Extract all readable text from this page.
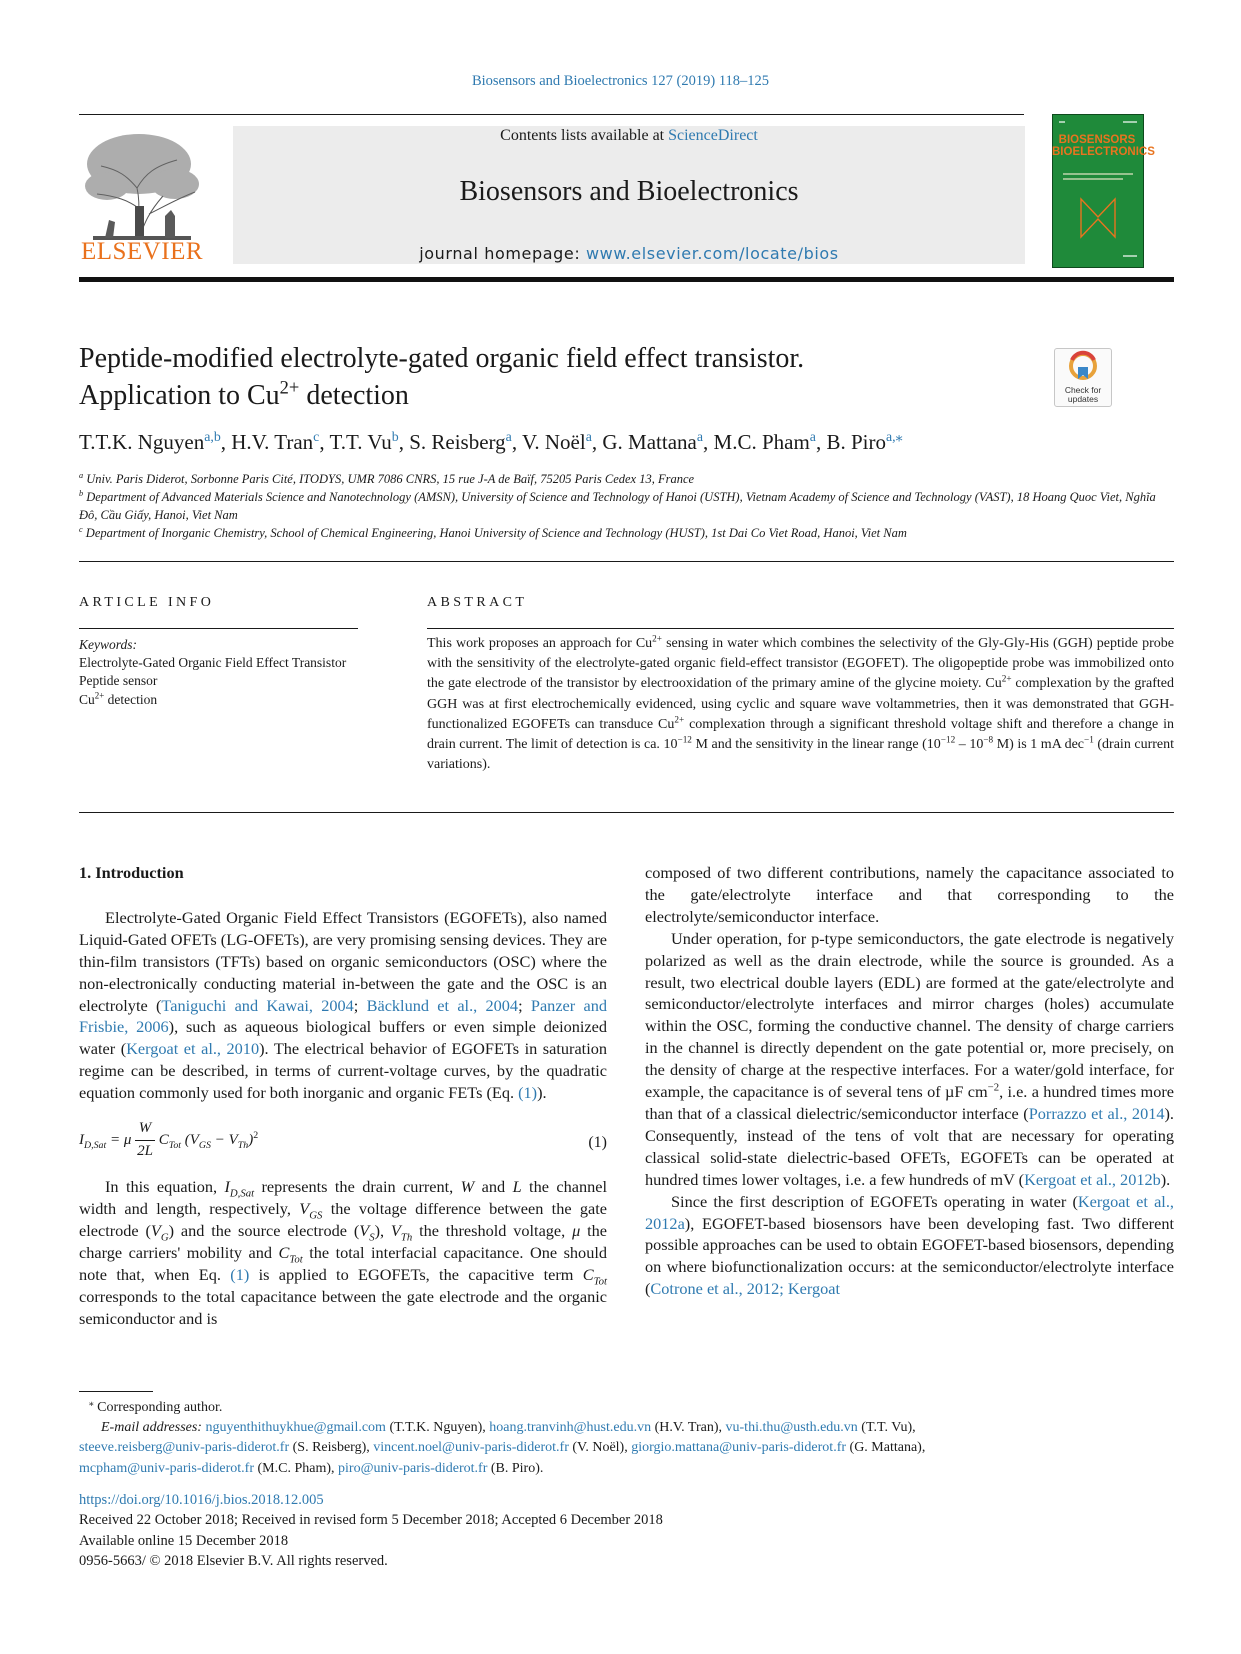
Biosensors and Bioelectronics 127 (2019) 118–125
ELSEVIER
Contents lists available at ScienceDirect
Biosensors and Bioelectronics
journal homepage: www.elsevier.com/locate/bios
BIOSENSORS BIOELECTRONICS
Peptide-modified electrolyte-gated organic field effect transistor.
Application to $Cu^{2+}$ detection	Check for updates
T.T.K. Nguyen$^{a,b}$, H.V. Tran$^c$, T.T. Vu$^b$, S. Reisberg$^a$, V. Noël$^a$, G. Mattana$^a$, M.C. Pham$^a$, B. Piro$^{a,⁎}$
$^a$ Univ. Paris Diderot, Sorbonne Paris Cité, ITODYS, UMR 7086 CNRS, 15 rue J-A de Baïf, 75205 Paris Cedex 13, France
$^b$ Department of Advanced Materials Science and Nanotechnology (AMSN), University of Science and Technology of Hanoi (USTH), Vietnam Academy of Science and Technology (VAST), 18 Hoang Quoc Viet, Nghĩa Đô, Cầu Giấy, Hanoi, Viet Nam
$^c$ Department of Inorganic Chemistry, School of Chemical Engineering, Hanoi University of Science and Technology (HUST), 1st Dai Co Viet Road, Hanoi, Viet Nam
ARTICLE INFO	ABSTRACT
Keywords:
Electrolyte-Gated Organic Field Effect Transistor
Peptide sensor
$Cu^{2+}$ detection
This work proposes an approach for $Cu^{2+}$ sensing in water which combines the selectivity of the Gly-Gly-His (GGH) peptide probe with the sensitivity of the electrolyte-gated organic field-effect transistor (EGOFET). The oligopeptide probe was immobilized onto the gate electrode of the transistor by electrooxidation of the primary amine of the glycine moiety. $Cu^{2+}$ complexation by the grafted GGH was at first electrochemically evidenced, using cyclic and square wave voltammetries, then it was demonstrated that GGH-functionalized EGOFETs can transduce $Cu^{2+}$ complexation through a significant threshold voltage shift and therefore a change in drain current. The limit of detection is ca. $10^{-12}$ M and the sensitivity in the linear range ($10^{-12} - 10^{-8}$ M) is 1 mA dec$^{-1}$ (drain current variations).
1. Introduction

Electrolyte-Gated Organic Field Effect Transistors (EGOFETs), also named Liquid-Gated OFETs (LG-OFETs), are very promising sensing devices. They are thin-film transistors (TFTs) based on organic semiconductors (OSC) where the non-electronically conducting material in-between the gate and the OSC is an electrolyte (Taniguchi and Kawai, 2004; Bäcklund et al., 2004; Panzer and Frisbie, 2006), such as aqueous biological buffers or even simple deionized water (Kergoat et al., 2010). The electrical behavior of EGOFETs in saturation regime can be described, in terms of current-voltage curves, by the quadratic equation commonly used for both inorganic and organic FETs (Eq. (1)).

$I_{D,Sat} = \mu \frac{W}{2L} C_{Tot}$ $(V_{GS} - V_{Th})^2$	(1)

In this equation, $I_{D,Sat}$ represents the drain current, W and L the channel width and length, respectively, $V_{GS}$ the voltage difference between the gate electrode $(V_G)$ and the source electrode $(V_S)$, $V_{Th}$ the threshold voltage, μ the charge carriers' mobility and $C_{Tot}$ the total interfacial capacitance. One should note that, when Eq. (1) is applied to EGOFETs, the capacitive term $C_{Tot}$ corresponds to the total capacitance between the gate electrode and the organic semiconductor and is

composed of two different contributions, namely the capacitance associated to the gate/electrolyte interface and that corresponding to the electrolyte/semiconductor interface.

Under operation, for p-type semiconductors, the gate electrode is negatively polarized as well as the drain electrode, while the source is grounded. As a result, two electrical double layers (EDL) are formed at the gate/electrolyte and semiconductor/electrolyte interfaces and mirror charges (holes) accumulate within the OSC, forming the conductive channel. The density of charge carriers in the channel is directly dependent on the gate potential or, more precisely, on the density of charge at the respective interfaces. For a water/gold interface, for example, the capacitance is of several tens of µF $cm^{-2}$, i.e. a hundred times more than that of a classical dielectric/semiconductor interface (Porrazzo et al., 2014). Consequently, instead of the tens of volt that are necessary for operating classical solid-state dielectric-based OFETs, EGOFETs can be operated at hundred times lower voltages, i.e. a few hundreds of mV (Kergoat et al., 2012b).

Since the first description of EGOFETs operating in water (Kergoat et al., 2012a), EGOFET-based biosensors have been developing fast. Two different possible approaches can be used to obtain EGOFET-based biosensors, depending on where biofunctionalization occurs: at the semiconductor/electrolyte interface (Cotrone et al., 2012; Kergoat

⁎ Corresponding author.
E-mail addresses: nguyenthithuykhue@gmail.com (T.T.K. Nguyen), hoang.tranvinh@hust.edu.vn (H.V. Tran), vu-thi.thu@usth.edu.vn (T.T. Vu),
steeve.reisberg@univ-paris-diderot.fr (S. Reisberg), vincent.noel@univ-paris-diderot.fr (V. Noël), giorgio.mattana@univ-paris-diderot.fr (G. Mattana),
mcpham@univ-paris-diderot.fr (M.C. Pham), piro@univ-paris-diderot.fr (B. Piro).
https://doi.org/10.1016/j.bios.2018.12.005
Received 22 October 2018; Received in revised form 5 December 2018; Accepted 6 December 2018
Available online 15 December 2018
0956-5663/ © 2018 Elsevier B.V. All rights reserved.
